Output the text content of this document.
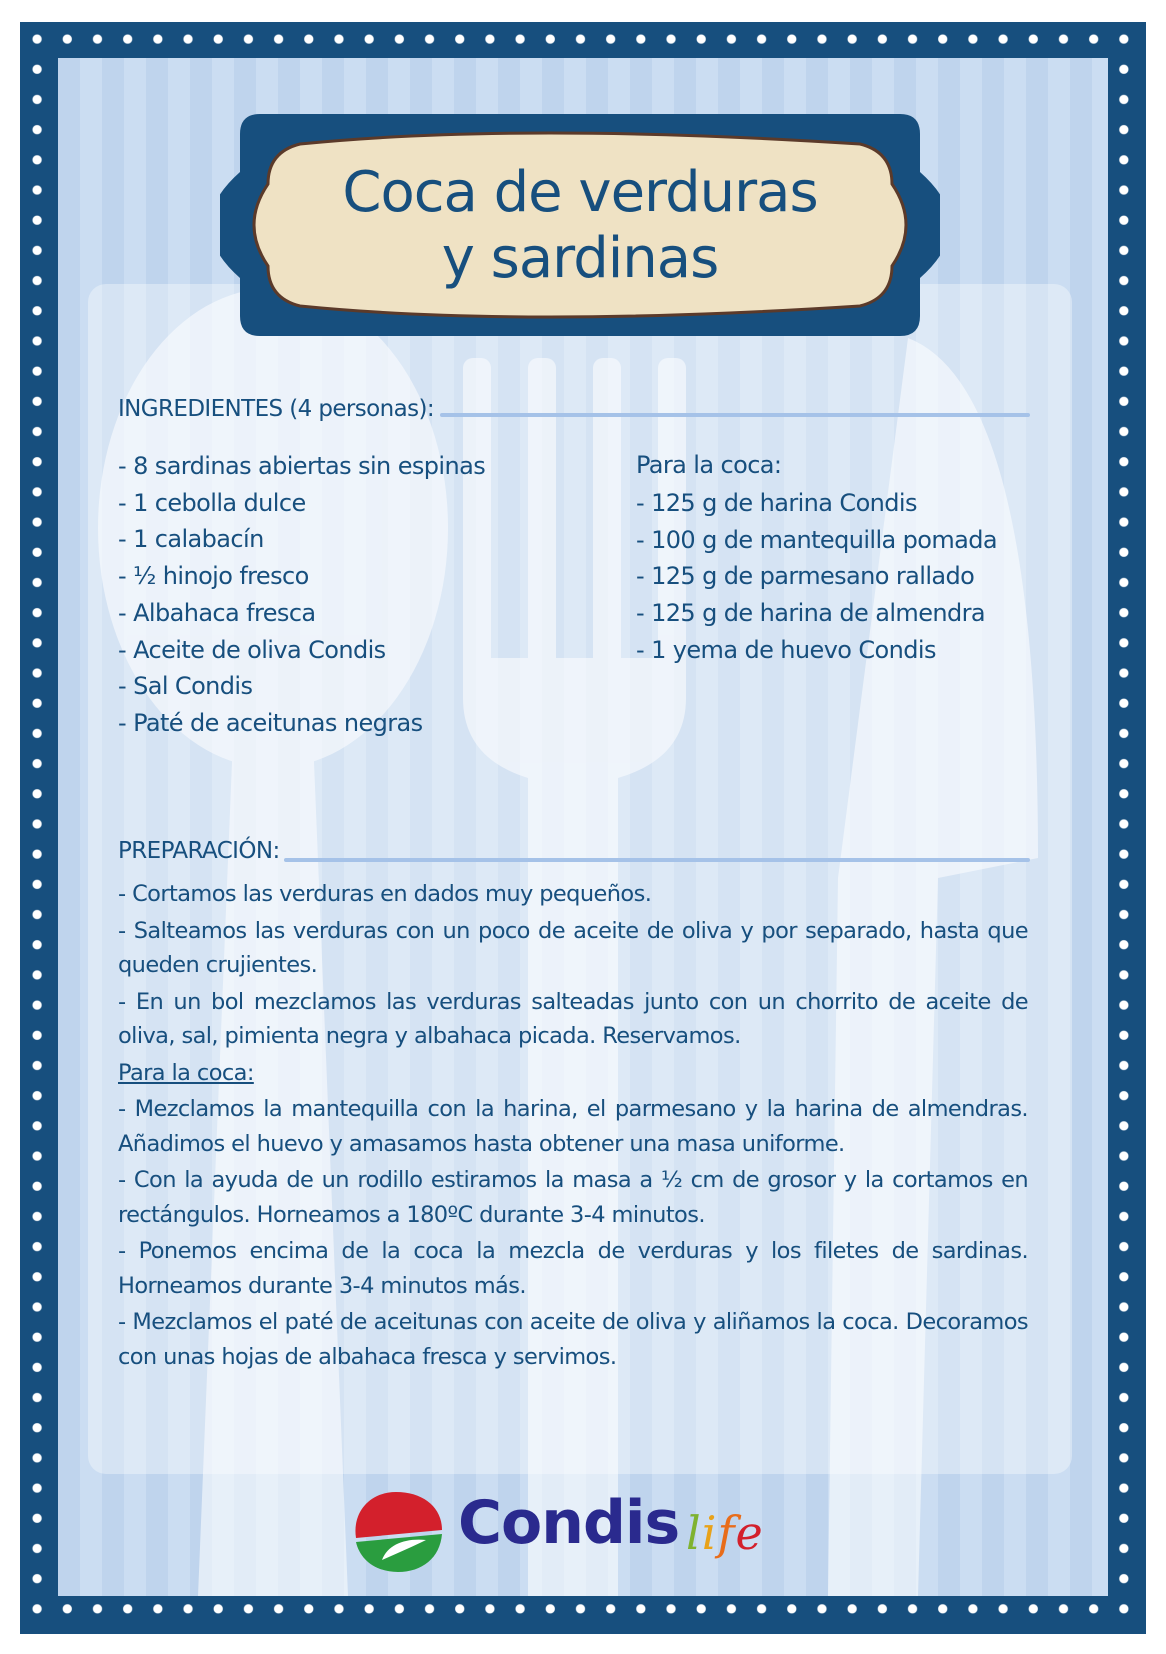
Coca de verduras
y sardinas
INGREDIENTES (4 personas):
- 8 sardinas abiertas sin espinas
- 1 cebolla dulce
- 1 calabacín
- ½ hinojo fresco
- Albahaca fresca
- Aceite de oliva Condis
- Sal Condis
- Paté de aceitunas negras
Para la coca:
- 125 g de harina Condis
- 100 g de mantequilla pomada
- 125 g de parmesano rallado
- 125 g de harina de almendra
- 1 yema de huevo Condis
PREPARACIÓN:

- Cortamos las verduras en dados muy pequeños.

- Salteamos las verduras con un poco de aceite de oliva y por separado, hasta que queden crujientes.

- En un bol mezclamos las verduras salteadas junto con un chorrito de aceite de oliva, sal, pimienta negra y albahaca picada. Reservamos.

Para la coca:

- Mezclamos la mantequilla con la harina, el parmesano y la harina de almendras. Añadimos el huevo y amasamos hasta obtener una masa uniforme.

- Con la ayuda de un rodillo estiramos la masa a ½ cm de grosor y la cortamos en rectángulos. Horneamos a 180ºC durante 3-4 minutos.

- Ponemos encima de la coca la mezcla de verduras y los filetes de sardinas. Horneamos durante 3-4 minutos más.

- Mezclamos el paté de aceitunas con aceite de oliva y aliñamos la coca. Decoramos con unas hojas de albahaca fresca y servimos.

Condis life
